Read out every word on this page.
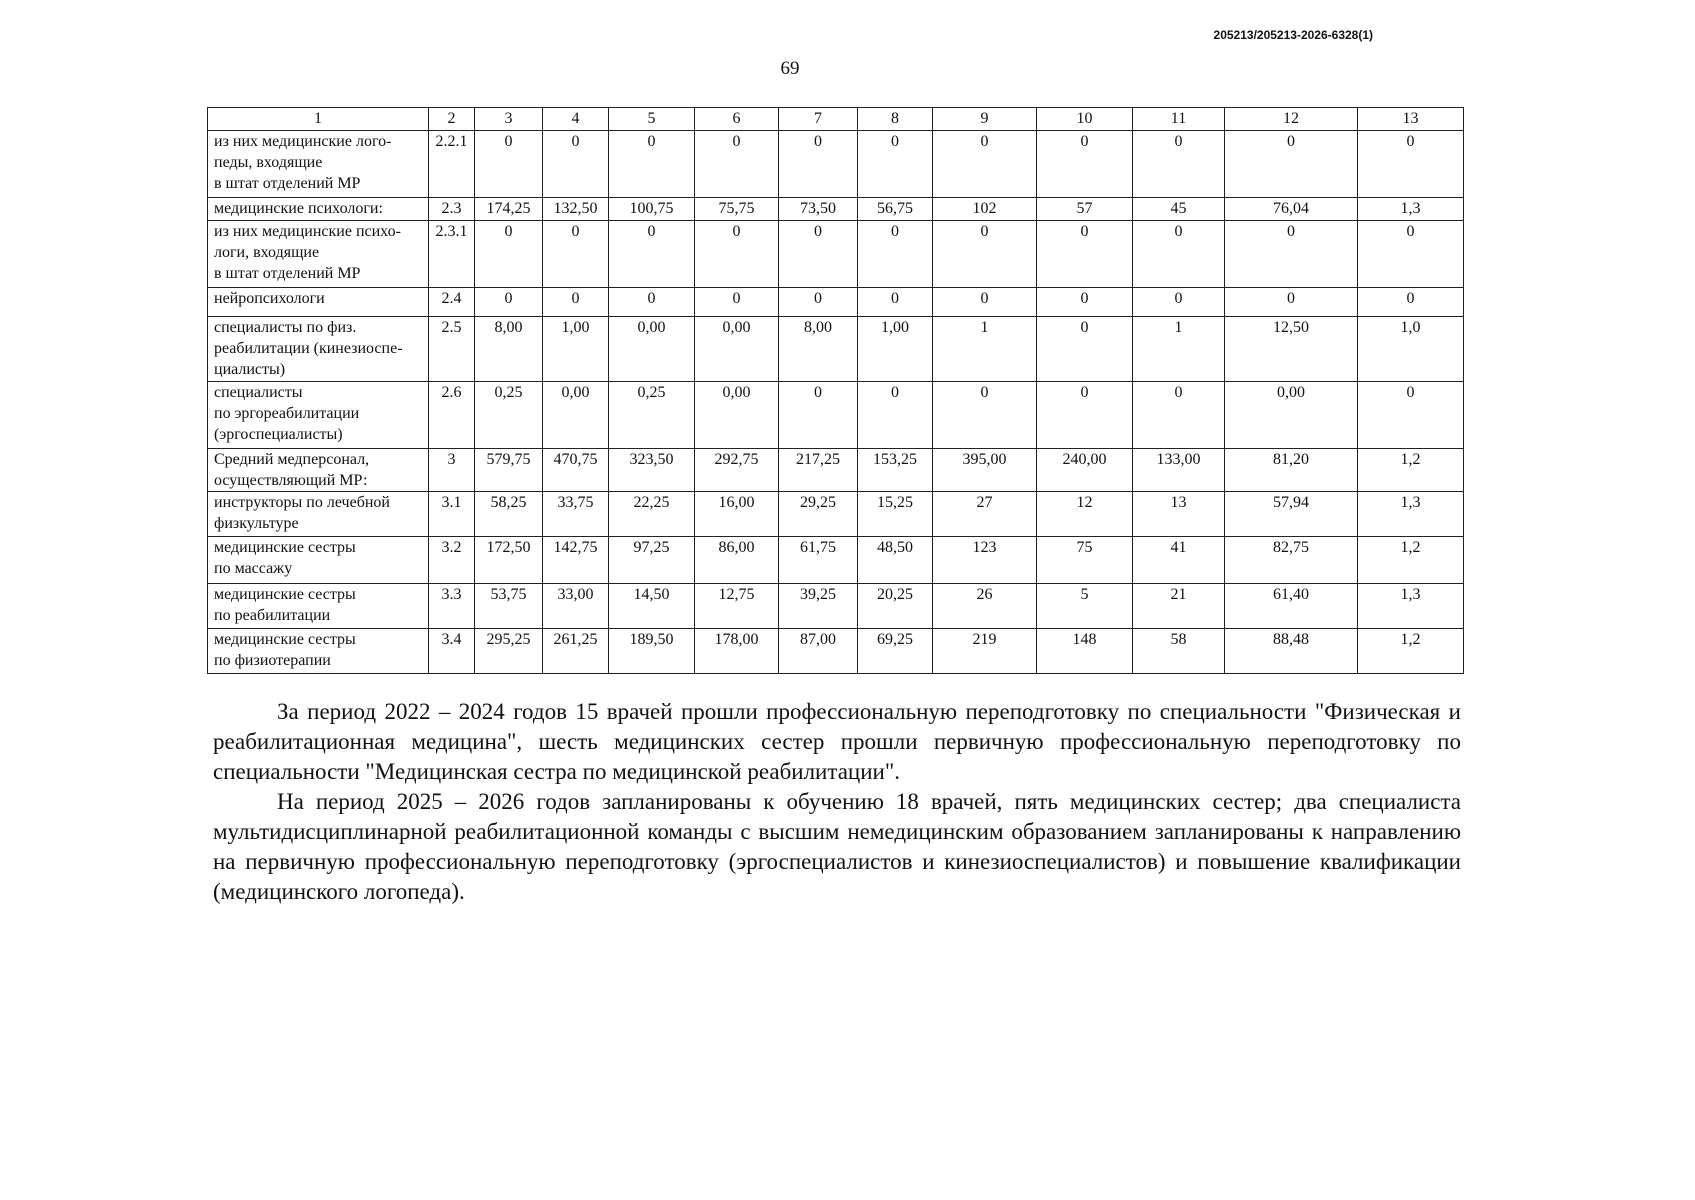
205213/205213-2026-6328(1)
69
1	2	3	4	5	6	7	8	9	10	11	12	13
из них медицинские лого-
педы, входящие
в штат отделений МР	2.2.1	0	0	0	0	0	0	0	0	0	0	0
медицинские психологи:	2.3	174,25	132,50	100,75	75,75	73,50	56,75	102	57	45	76,04	1,3
из них медицинские психо-
логи, входящие
в штат отделений МР	2.3.1	0	0	0	0	0	0	0	0	0	0	0
нейропсихологи	2.4	0	0	0	0	0	0	0	0	0	0	0
специалисты по физ.
реабилитации (кинезиоспе-
циалисты)	2.5	8,00	1,00	0,00	0,00	8,00	1,00	1	0	1	12,50	1,0
специалисты
по эргореабилитации
(эргоспециалисты)	2.6	0,25	0,00	0,25	0,00	0	0	0	0	0	0,00	0
Средний медперсонал,
осуществляющий МР:	3	579,75	470,75	323,50	292,75	217,25	153,25	395,00	240,00	133,00	81,20	1,2
инструкторы по лечебной
физкультуре	3.1	58,25	33,75	22,25	16,00	29,25	15,25	27	12	13	57,94	1,3
медицинские сестры
по массажу	3.2	172,50	142,75	97,25	86,00	61,75	48,50	123	75	41	82,75	1,2
медицинские сестры
по реабилитации	3.3	53,75	33,00	14,50	12,75	39,25	20,25	26	5	21	61,40	1,3
медицинские сестры
по физиотерапии	3.4	295,25	261,25	189,50	178,00	87,00	69,25	219	148	58	88,48	1,2

За период 2022 – 2024 годов 15 врачей прошли профессиональную переподготовку по специальности "Физическая и реабилитационная медицина", шесть медицинских сестер прошли первичную профессиональную переподготовку по специальности "Медицинская сестра по медицинской реабилитации".

На период 2025 – 2026 годов запланированы к обучению 18 врачей, пять медицинских сестер; два специалиста мультидисциплинарной реабилитационной команды с высшим немедицинским образованием запланированы к направлению на первичную профессиональную переподготовку (эргоспециалистов и кинезиоспециалистов) и повышение квалификации (медицинского логопеда).
